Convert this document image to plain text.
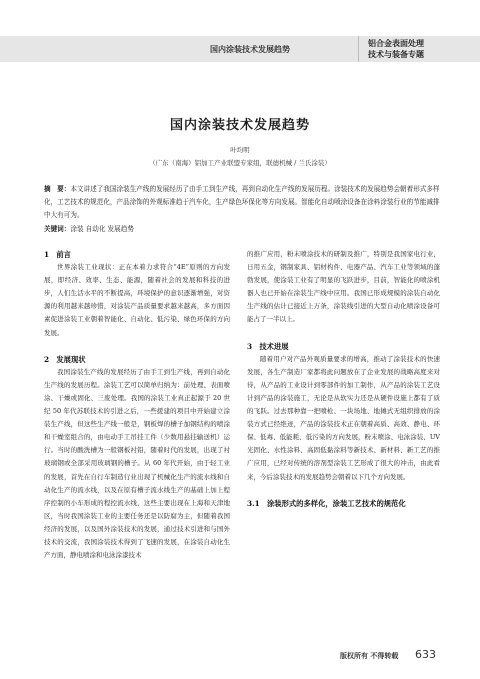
国内涂装技术发展趋势
铝合金表面处理
技术与装备专题
国内涂装技术发展趋势
叶均明
（广东（南海）铝加工产业联盟专家组，联德机械 / 兰氏涂装）

摘　要：本文讲述了我国涂装生产线的发展经历了由手工到生产线，再到自动化生产线的发展历程。涂装技术的发展趋势会朝着形式多样化，工艺技术的规范化，产品涂饰的外观标准趋于汽车化，生产绿色环保化等方向发展。智能化自动喷涂设备在涂料涂装行业的节能减排中大有可为。

关键词：涂装 自动化 发展趋势

1　前言

世界涂装工业现状：正在本着力求符合“4E”原则的方向发展，即经济、效率、生态、能源，随着社会的发展和科技的进步，人们生活水平的不断提高，环境保护的意识逐渐增强，对资源的利用越来越珍惜，对涂装产品质量要求越来越高，多方面因素促进涂装工业朝着智能化、自动化、低污染、绿色环保的方向发展。

2　发展现状

我国涂装生产线的发展经历了由手工到生产线，再到自动化生产线的发展历程。涂装工艺可以简单归纳为：前处理、表面喷涂、干燥或固化、三废处理。我国的涂装工业真正起源于 20 世纪 50 年代苏联技术的引进之后，一些援建的项目中开始建立涂装生产线，但这些生产线一般是，钢板焊的槽子加钢结构的喷涂和干燥室组合的，由电动手工吊挂工件（少数用悬挂输送机）运行。当时的酸洗槽为一般钢板衬铅，随着时代的发展，出现了衬玻璃钢或全部采用玻璃钢的槽子。从 60 年代开始，由于轻工业的发展，首先在自行车制造行业出现了机械化生产的流水线和自动化生产的流水线，以及在原有槽子流水线生产的基础上加上程序控制的小车形成的程控流水线，这些主要出现在上海和天津地区，当时我国涂装工业的主要任务还是以防腐为主，但随着我国经济的发展，以及国外涂装技术的发展，通过技术引进和与国外技术的交流，我国涂装技术得到了飞速的发展，在涂装自动化生产方面，静电喷涂和电泳涂漆技术

的推广应用，粉末喷涂技术的研制及推广，特别是我国家电行业，日用五金，钢制家具、铝材构件、电器产品、汽车工业等领域的蓬勃发展，使涂装工业有了明显的飞跃进步，目前，智能化的喷涂机器人也已开始在涂装生产线中应用。我国已形成规模的涂装自动化生产线的估计已接近上万条，涂装线引进的大型自动化喷涂设备可能占了一半以上。

3　技术进展

随着用户对产品外观质量要求的增高，推动了涂装技术的快速发展，各生产制造厂家都将此问题放在了企业发展的战略高度来对待，从产品的工业设计到零部件的加工制作，从产品的涂装工艺设计到产品的涂装施工，无论是从软实力还是从硬件设施上都有了质的飞跃。过去那种靠一把喷枪、一块场地、地摊式无组织排放的涂装方式已经绝迹，产品的涂装技术正在朝着高质、高效、静电、环保、低毒、低能耗、低污染的方向发展，粉末喷涂、电泳涂装、UV 光固化、水性涂料、高固低黏涂料等新技术、新材料、新工艺的推广应用，已经对传统的溶剂型涂装工艺形成了很大的冲击，由此看来，今后涂装技术的发展趋势会朝着以下几个方向发展。

3.1　涂装形式的多样化，涂装工艺技术的规范化
版权所有 不得转载 633
